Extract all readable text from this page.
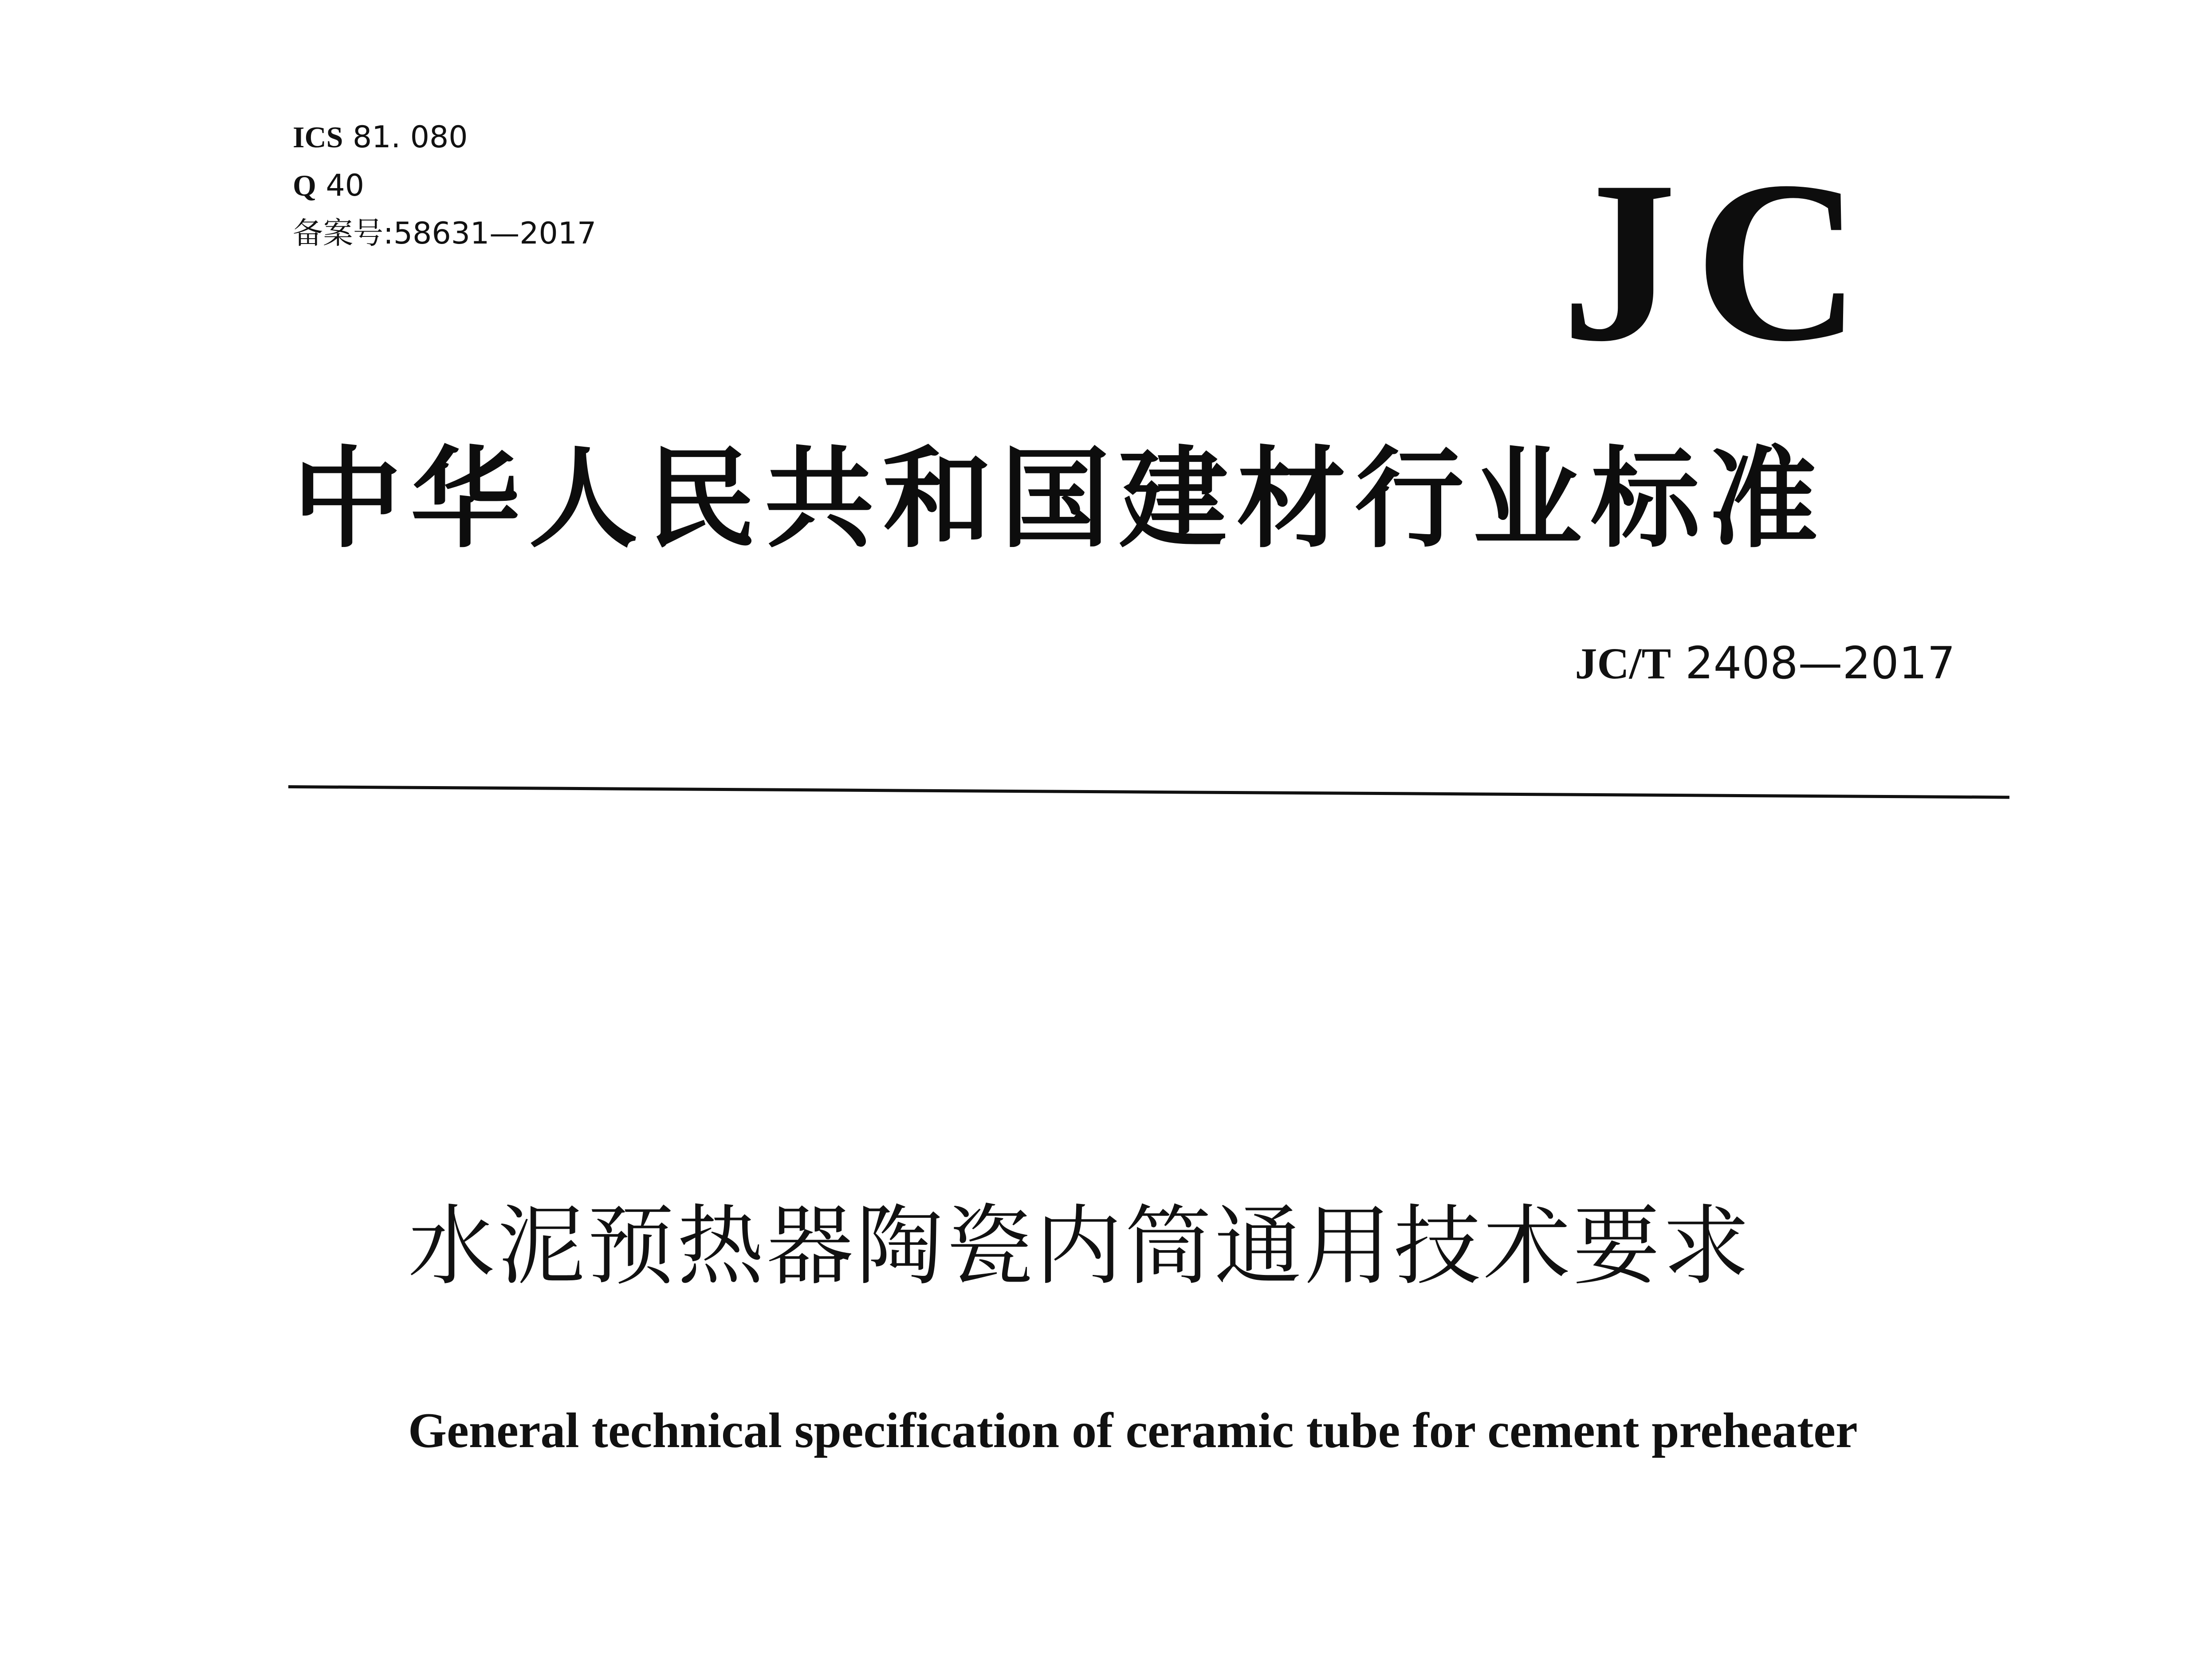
ICS 81. 080
Q 40
备案号:58631—2017	JC
中华人民共和国建材行业标准
JC/T 2408—2017
水泥预热器陶瓷内筒通用技术要求
General technical specification of ceramic tube for cement preheater
